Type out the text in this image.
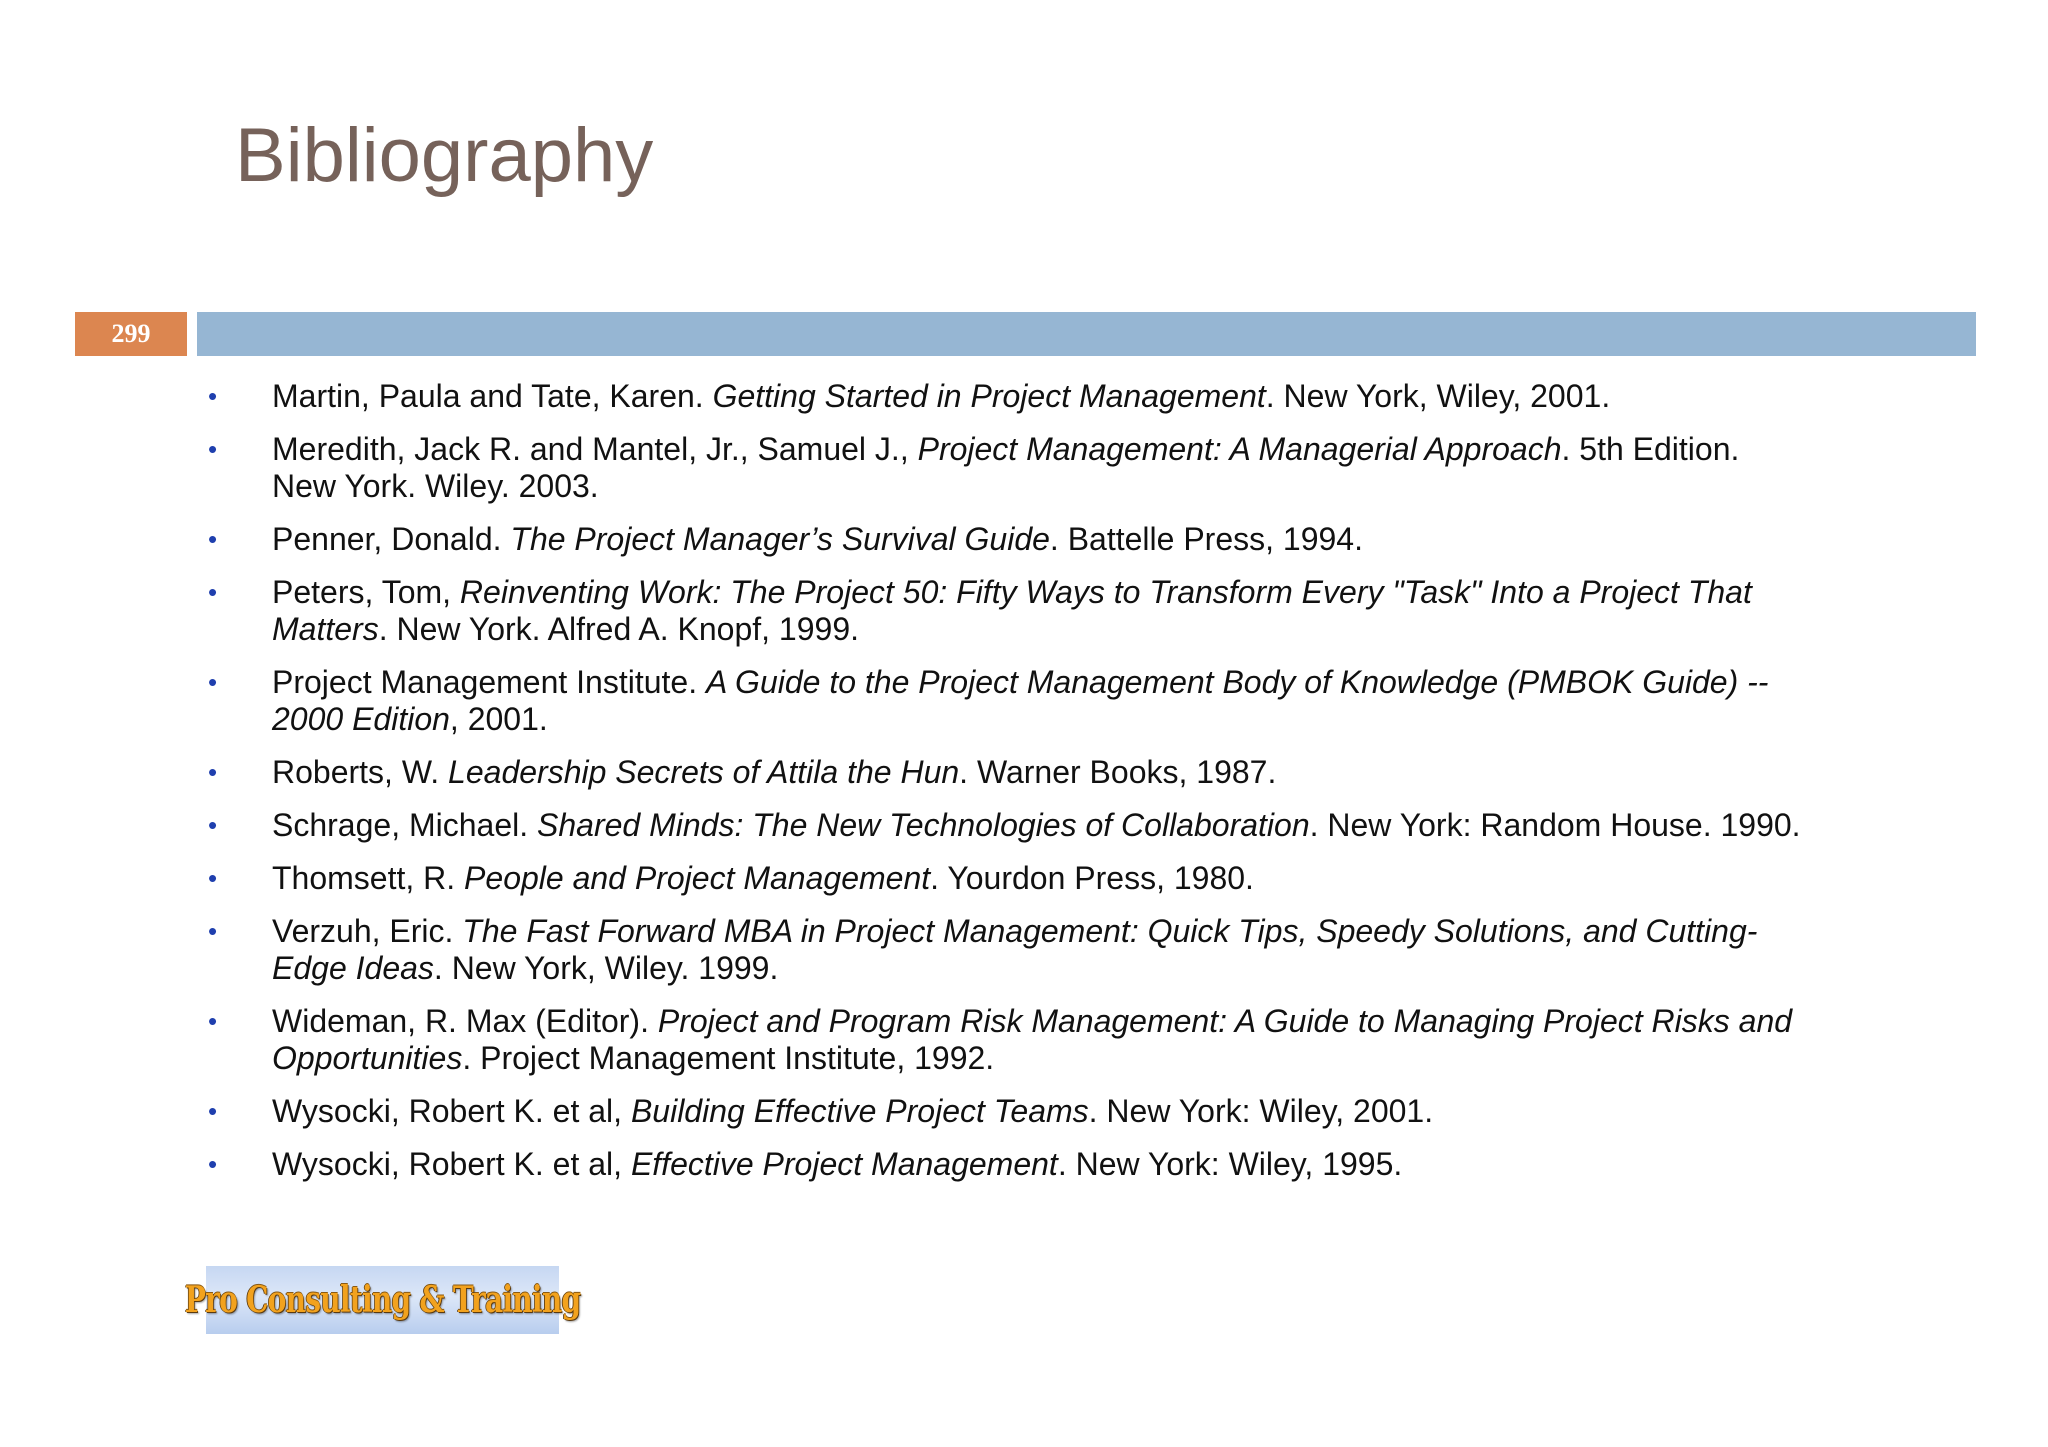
Bibliography
299
• Martin, Paula and Tate, Karen. Getting Started in Project Management. New York, Wiley, 2001.
• Meredith, Jack R. and Mantel, Jr., Samuel J., Project Management: A Managerial Approach. 5th Edition. New York. Wiley. 2003.
• Penner, Donald. The Project Manager’s Survival Guide. Battelle Press, 1994.
• Peters, Tom, Reinventing Work: The Project 50: Fifty Ways to Transform Every "Task" Into a Project That Matters. New York. Alfred A. Knopf, 1999.
• Project Management Institute. A Guide to the Project Management Body of Knowledge (PMBOK Guide) -- 2000 Edition, 2001.
• Roberts, W. Leadership Secrets of Attila the Hun. Warner Books, 1987.
• Schrage, Michael. Shared Minds: The New Technologies of Collaboration. New York: Random House. 1990.
• Thomsett, R. People and Project Management. Yourdon Press, 1980.
• Verzuh, Eric. The Fast Forward MBA in Project Management: Quick Tips, Speedy Solutions, and Cutting-Edge Ideas. New York, Wiley. 1999.
• Wideman, R. Max (Editor). Project and Program Risk Management: A Guide to Managing Project Risks and Opportunities. Project Management Institute, 1992.
• Wysocki, Robert K. et al, Building Effective Project Teams. New York: Wiley, 2001.
• Wysocki, Robert K. et al, Effective Project Management. New York: Wiley, 1995.
Pro Consulting & Training
